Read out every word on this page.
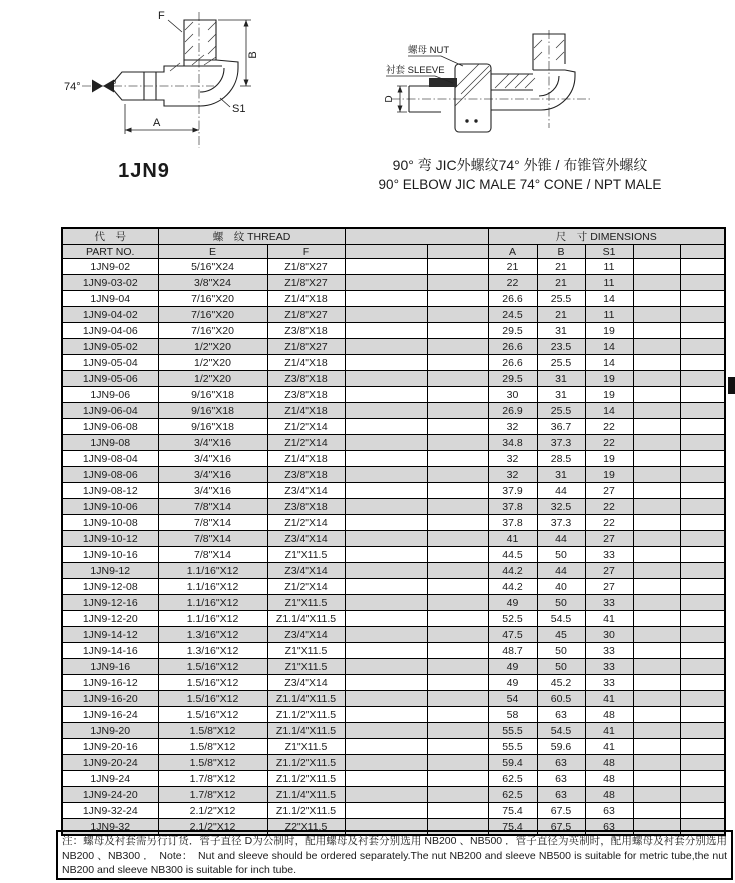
74°	ø
F
B
A
S1
螺母 NUT
衬套 SLEEVE
D
1JN9	90° 弯 JIC外螺纹74° 外锥 / 布锥管外螺纹
90° ELBOW JIC MALE 74° CONE / NPT MALE
代　号	螺　纹 THREAD				尺　寸 DIMENSIONS				
PART NO.	E	F			A	B	S1		
1JN9-02	5/16"X24	Z1/8"X27			21	21	11		
1JN9-03-02	3/8"X24	Z1/8"X27			22	21	11		
1JN9-04	7/16"X20	Z1/4"X18			26.6	25.5	14		
1JN9-04-02	7/16"X20	Z1/8"X27			24.5	21	11		
1JN9-04-06	7/16"X20	Z3/8"X18			29.5	31	19		
1JN9-05-02	1/2"X20	Z1/8"X27			26.6	23.5	14		
1JN9-05-04	1/2"X20	Z1/4"X18			26.6	25.5	14		
1JN9-05-06	1/2"X20	Z3/8"X18			29.5	31	19		
1JN9-06	9/16"X18	Z3/8"X18			30	31	19		
1JN9-06-04	9/16"X18	Z1/4"X18			26.9	25.5	14		
1JN9-06-08	9/16"X18	Z1/2"X14			32	36.7	22		
1JN9-08	3/4"X16	Z1/2"X14			34.8	37.3	22		
1JN9-08-04	3/4"X16	Z1/4"X18			32	28.5	19		
1JN9-08-06	3/4"X16	Z3/8"X18			32	31	19		
1JN9-08-12	3/4"X16	Z3/4"X14			37.9	44	27		
1JN9-10-06	7/8"X14	Z3/8"X18			37.8	32.5	22		
1JN9-10-08	7/8"X14	Z1/2"X14			37.8	37.3	22		
1JN9-10-12	7/8"X14	Z3/4"X14			41	44	27		
1JN9-10-16	7/8"X14	Z1"X11.5			44.5	50	33		
1JN9-12	1.1/16"X12	Z3/4"X14			44.2	44	27		
1JN9-12-08	1.1/16"X12	Z1/2"X14			44.2	40	27		
1JN9-12-16	1.1/16"X12	Z1"X11.5			49	50	33		
1JN9-12-20	1.1/16"X12	Z1.1/4"X11.5			52.5	54.5	41		
1JN9-14-12	1.3/16"X12	Z3/4"X14			47.5	45	30		
1JN9-14-16	1.3/16"X12	Z1"X11.5			48.7	50	33		
1JN9-16	1.5/16"X12	Z1"X11.5			49	50	33		
1JN9-16-12	1.5/16"X12	Z3/4"X14			49	45.2	33		
1JN9-16-20	1.5/16"X12	Z1.1/4"X11.5			54	60.5	41		
1JN9-16-24	1.5/16"X12	Z1.1/2"X11.5			58	63	48		
1JN9-20	1.5/8"X12	Z1.1/4"X11.5			55.5	54.5	41		
1JN9-20-16	1.5/8"X12	Z1"X11.5			55.5	59.6	41		
1JN9-20-24	1.5/8"X12	Z1.1/2"X11.5			59.4	63	48		
1JN9-24	1.7/8"X12	Z1.1/2"X11.5			62.5	63	48		
1JN9-24-20	1.7/8"X12	Z1.1/4"X11.5			62.5	63	48		
1JN9-32-24	2.1/2"X12	Z1.1/2"X11.5			75.4	67.5	63		
1JN9-32	2.1/2"X12	Z2"X11.5			75.4	67.5	63		
注：螺母及衬套需另行订货．管子直径 D为公制时，配用螺母及衬套分别选用 NB200 、NB500 ．管子直径为英制时，配用螺母及衬套分别选用 NB200 、NB300 ．　Note：　Nut and sleeve should be ordered separately.The nut NB200 and sleeve NB500 is suitable for metric tube,the nut NB200 and sleeve NB300 is suitable for inch tube.
